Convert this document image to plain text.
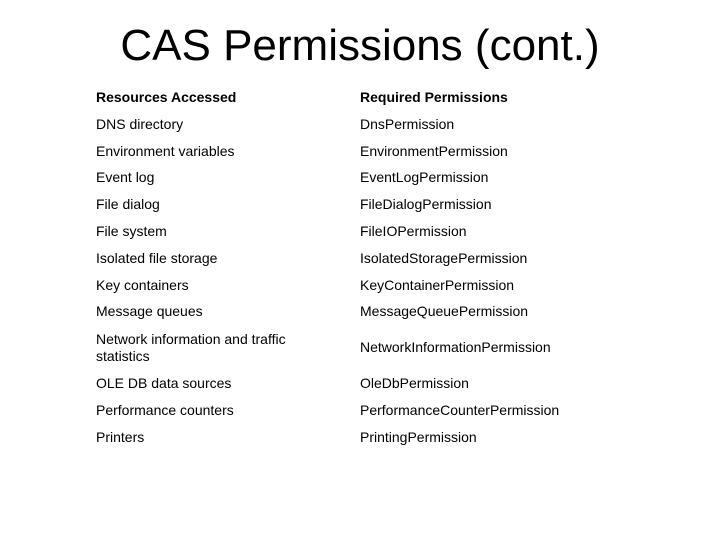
CAS Permissions (cont.)
Resources Accessed	Required Permissions
DNS directory	DnsPermission
Environment variables	EnvironmentPermission
Event log	EventLogPermission
File dialog	FileDialogPermission
File system	FileIOPermission
Isolated file storage	IsolatedStoragePermission
Key containers	KeyContainerPermission
Message queues	MessageQueuePermission
Network information and traffic statistics	NetworkInformationPermission
OLE DB data sources	OleDbPermission
Performance counters	PerformanceCounterPermission
Printers	PrintingPermission
